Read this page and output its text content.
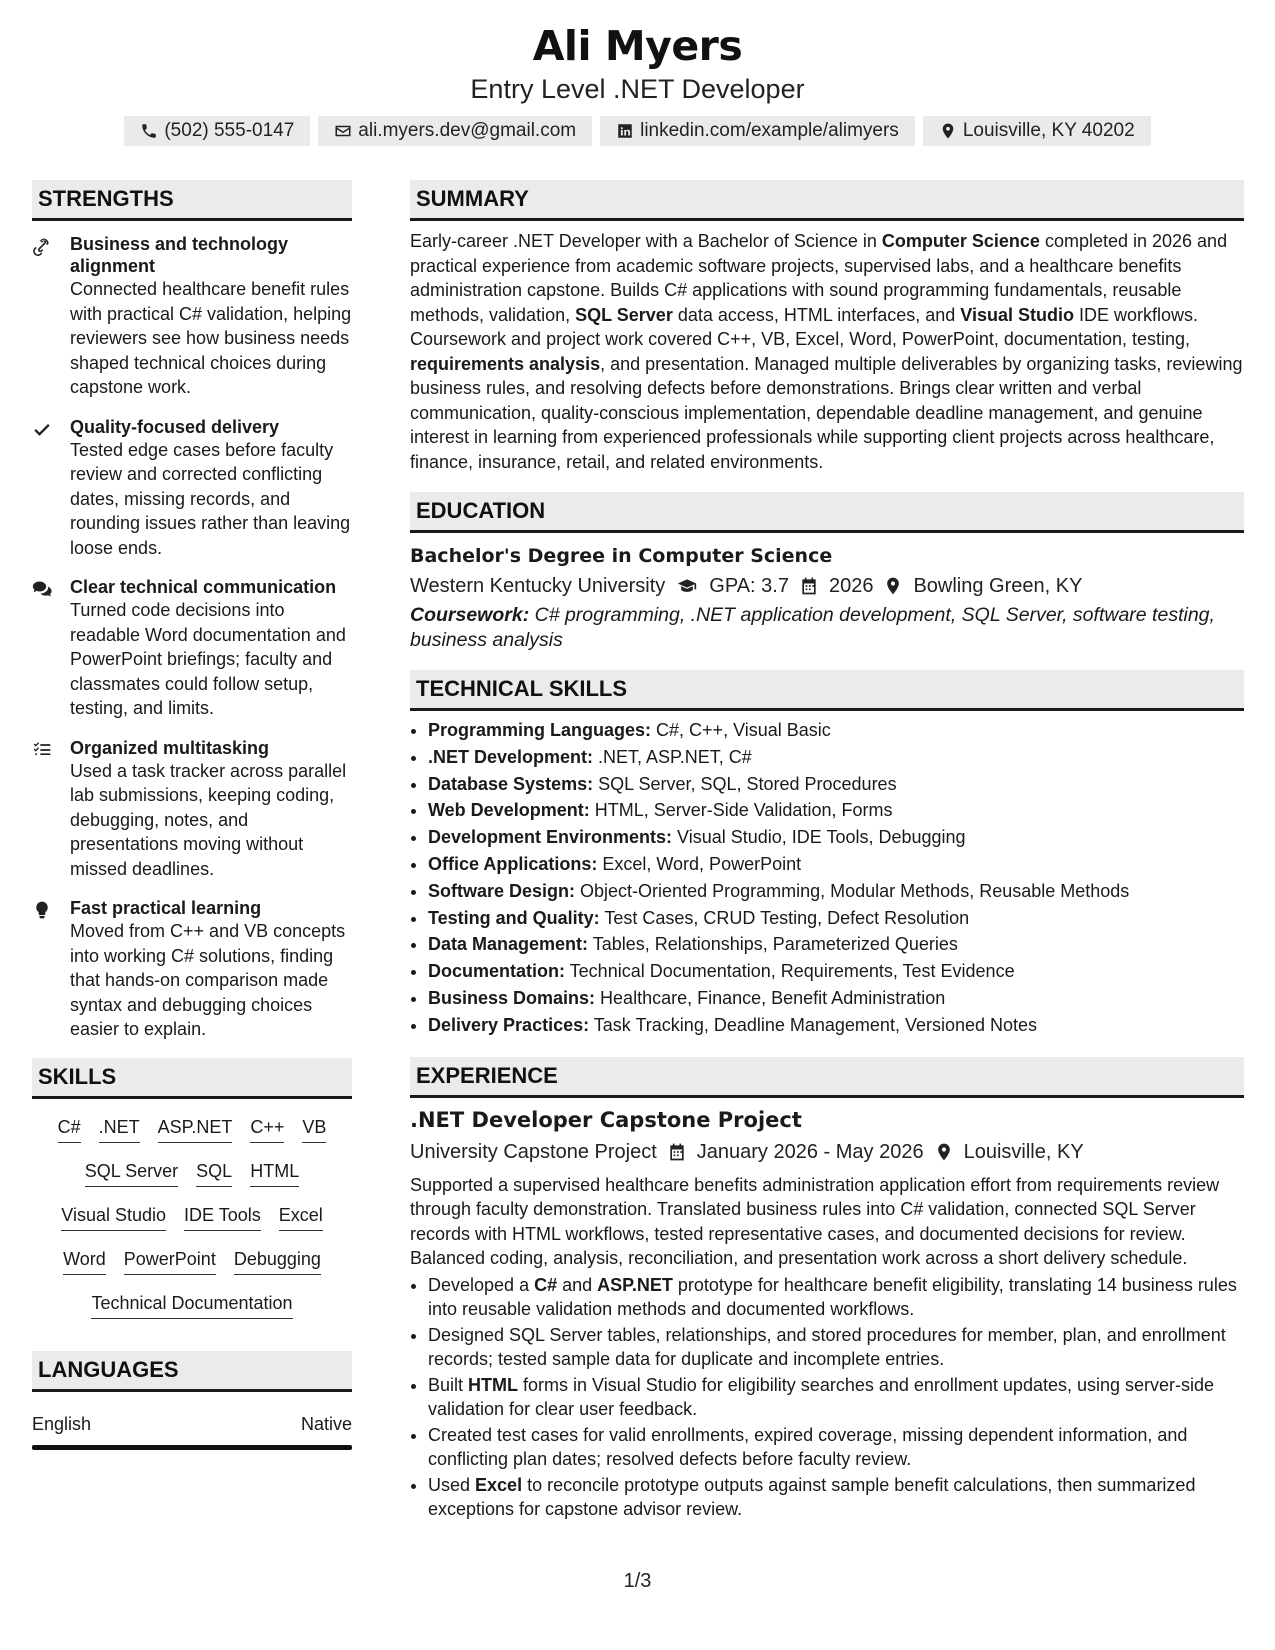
Ali Myers
Entry Level .NET Developer
(502) 555-0147	ali.myers.dev@gmail.com	linkedin.com/example/alimyers	Louisville, KY 40202
STRENGTHS
Business and technology alignment
Connected healthcare benefit rules with practical C# validation, helping reviewers see how business needs shaped technical choices during capstone work.
Quality-focused delivery
Tested edge cases before faculty review and corrected conflicting dates, missing records, and rounding issues rather than leaving loose ends.
Clear technical communication
Turned code decisions into readable Word documentation and PowerPoint briefings; faculty and classmates could follow setup, testing, and limits.
Organized multitasking
Used a task tracker across parallel lab submissions, keeping coding, debugging, notes, and presentations moving without missed deadlines.
Fast practical learning
Moved from C++ and VB concepts into working C# solutions, finding that hands-on comparison made syntax and debugging choices easier to explain.
SKILLS
C# .NET ASP.NET C++ VB
SQL Server SQL HTML
Visual Studio IDE Tools Excel
Word PowerPoint Debugging
Technical Documentation
LANGUAGES
English	Native
SUMMARY
Early-career .NET Developer with a Bachelor of Science in Computer Science completed in 2026 and practical experience from academic software projects, supervised labs, and a healthcare benefits administration capstone. Builds C# applications with sound programming fundamentals, reusable methods, validation, SQL Server data access, HTML interfaces, and Visual Studio IDE workflows. Coursework and project work covered C++, VB, Excel, Word, PowerPoint, documentation, testing, requirements analysis, and presentation. Managed multiple deliverables by organizing tasks, reviewing business rules, and resolving defects before demonstrations. Brings clear written and verbal communication, quality-conscious implementation, dependable deadline management, and genuine interest in learning from experienced professionals while supporting client projects across healthcare, finance, insurance, retail, and related environments.
EDUCATION
Bachelor's Degree in Computer Science
Western Kentucky University GPA: 3.7 2026 Bowling Green, KY
Coursework: C# programming, .NET application development, SQL Server, software testing, business analysis
TECHNICAL SKILLS
• Programming Languages: C#, C++, Visual Basic
• .NET Development: .NET, ASP.NET, C#
• Database Systems: SQL Server, SQL, Stored Procedures
• Web Development: HTML, Server-Side Validation, Forms
• Development Environments: Visual Studio, IDE Tools, Debugging
• Office Applications: Excel, Word, PowerPoint
• Software Design: Object-Oriented Programming, Modular Methods, Reusable Methods
• Testing and Quality: Test Cases, CRUD Testing, Defect Resolution
• Data Management: Tables, Relationships, Parameterized Queries
• Documentation: Technical Documentation, Requirements, Test Evidence
• Business Domains: Healthcare, Finance, Benefit Administration
• Delivery Practices: Task Tracking, Deadline Management, Versioned Notes
EXPERIENCE
.NET Developer Capstone Project
University Capstone Project January 2026 - May 2026 Louisville, KY
Supported a supervised healthcare benefits administration application effort from requirements review through faculty demonstration. Translated business rules into C# validation, connected SQL Server records with HTML workflows, tested representative cases, and documented decisions for review. Balanced coding, analysis, reconciliation, and presentation work across a short delivery schedule.
• Developed a C# and ASP.NET prototype for healthcare benefit eligibility, translating 14 business rules into reusable validation methods and documented workflows.
• Designed SQL Server tables, relationships, and stored procedures for member, plan, and enrollment records; tested sample data for duplicate and incomplete entries.
• Built HTML forms in Visual Studio for eligibility searches and enrollment updates, using server-side validation for clear user feedback.
• Created test cases for valid enrollments, expired coverage, missing dependent information, and conflicting plan dates; resolved defects before faculty review.
• Used Excel to reconcile prototype outputs against sample benefit calculations, then summarized exceptions for capstone advisor review.
1/3
